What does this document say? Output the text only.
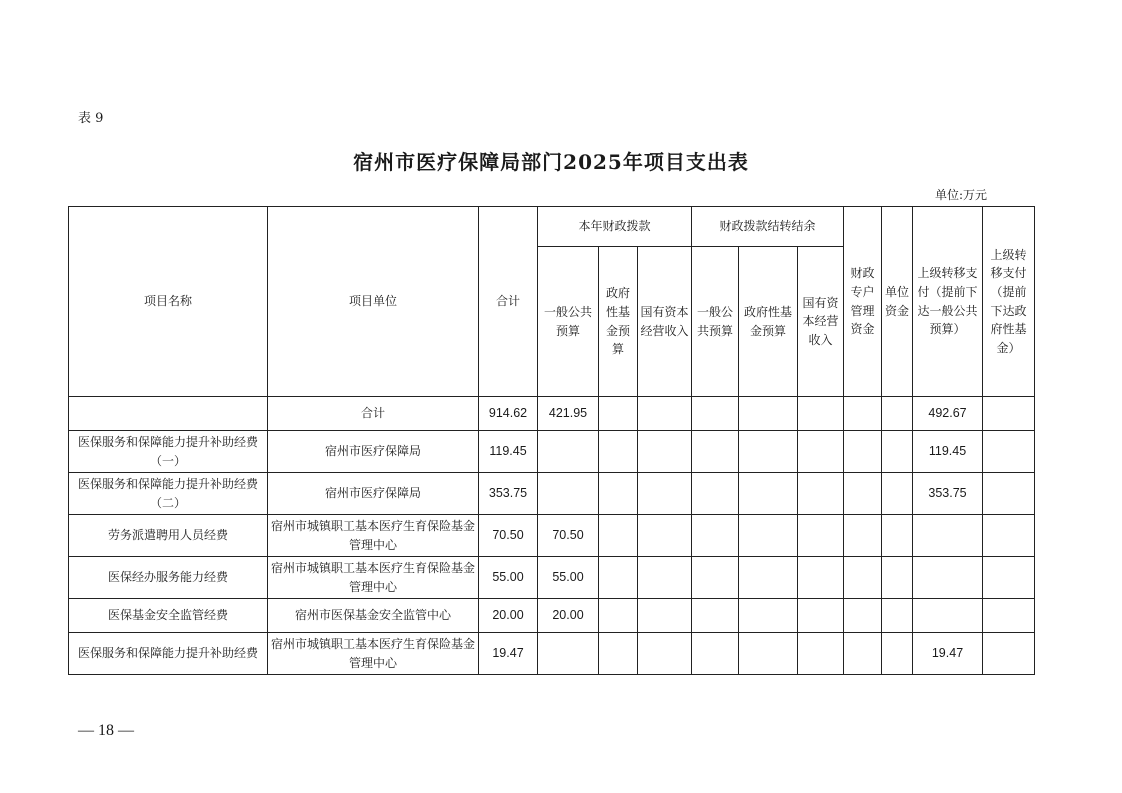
表 9
宿州市医疗保障局部门2025年项目支出表
单位:万元
项目名称	项目单位	合计	本年财政拨款			财政拨款结转结余			财政专户管理资金	单位资金	上级转移支付（提前下达一般公共预算）	上级转移支付（提前下达政府性基金）
			一般公共预算	政府性基金预算	国有资本经营收入	一般公共预算	政府性基金预算	国有资本经营收入				
	合计	914.62	421.95								492.67	
医保服务和保障能力提升补助经费（一）	宿州市医疗保障局	119.45									119.45	
医保服务和保障能力提升补助经费（二）	宿州市医疗保障局	353.75									353.75	
劳务派遣聘用人员经费	宿州市城镇职工基本医疗生育保险基金管理中心	70.50	70.50									
医保经办服务能力经费	宿州市城镇职工基本医疗生育保险基金管理中心	55.00	55.00									
医保基金安全监管经费	宿州市医保基金安全监管中心	20.00	20.00									
医保服务和保障能力提升补助经费	宿州市城镇职工基本医疗生育保险基金管理中心	19.47									19.47	
— 18 —
